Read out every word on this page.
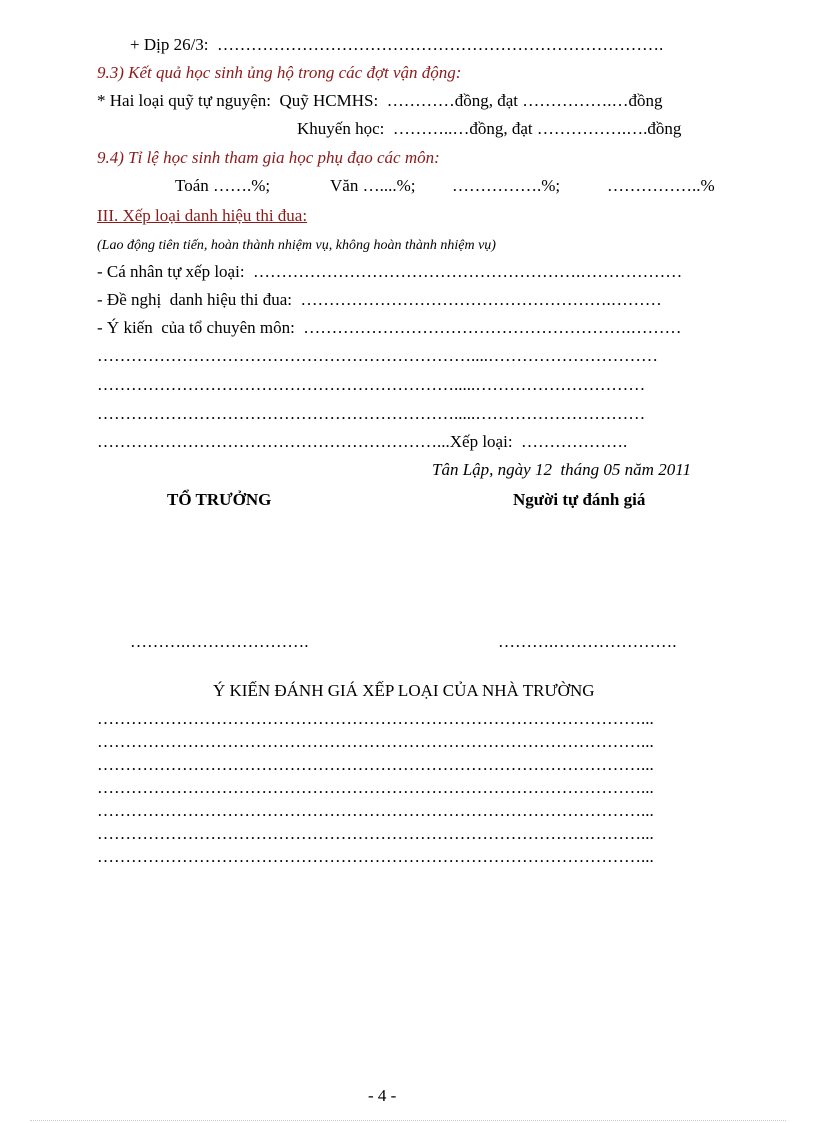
+ Dịp 26/3:  …………………………………………………………………….
9.3) Kết quả học sinh ủng hộ trong các đợt vận động:
* Hai loại quỹ tự nguyện:  Quỹ HCMHS:  …………đồng, đạt …………….…đồng
Khuyến học:  ………..…đồng, đạt …………….….đồng
9.4) Tỉ lệ học sinh tham gia học phụ đạo các môn:
Toán …….%;	Văn …....%; …………….%;	……………..%
III. Xếp loại danh hiệu thi đua:
(Lao động tiên tiến, hoàn thành nhiệm vụ, không hoàn thành nhiệm vụ)
- Cá nhân tự xếp loại:  ………………………………………………….………………
- Đề nghị  danh hiệu thi đua:  ……………………………………………….………
- Ý kiến  của tổ chuyên môn:  ………………………………………………….………
…………………………………………………………....…………………………
……………………………………………………….....…………………………
……………………………………………………….....…………………………
……………………………………………………...Xếp loại:  ……………….
Tân Lập, ngày 12  tháng 05 năm 2011
TỔ TRƯỞNG	Người tự đánh giá
……….………………….	……….………………….
Ý KIẾN ĐÁNH GIÁ XẾP LOẠI CỦA NHÀ TRƯỜNG
……………………………………………………………………………………...
……………………………………………………………………………………...
……………………………………………………………………………………...
……………………………………………………………………………………...
……………………………………………………………………………………...
……………………………………………………………………………………...
……………………………………………………………………………………...
- 4 -
